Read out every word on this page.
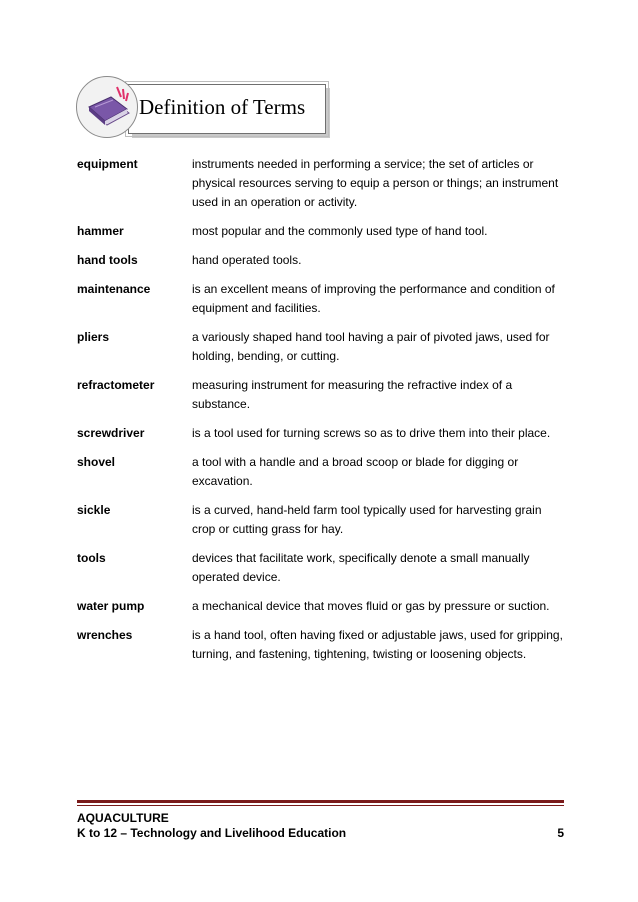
Definition of Terms
equipment	instruments needed in performing a service; the set of articles or physical resources serving to equip a person or things; an instrument used in an operation or activity.
hammer	most popular and the commonly used type of hand tool.
hand tools	hand operated tools.
maintenance	is an excellent means of improving the performance and condition of equipment and facilities.
pliers	a variously shaped hand tool having a pair of pivoted jaws, used for holding, bending, or cutting.
refractometer	measuring instrument for measuring the refractive index of a substance.
screwdriver	is a tool used for turning screws so as to drive them into their place.
shovel	a tool with a handle and a broad scoop or blade for digging or excavation.
sickle	is a curved, hand-held farm tool typically used for harvesting grain crop or cutting grass for hay.
tools	devices that facilitate work, specifically denote a small manually operated device.
water pump	a mechanical device that moves fluid or gas by pressure or suction.
wrenches	is a hand tool, often having fixed or adjustable jaws, used for gripping, turning, and fastening, tightening, twisting or loosening objects.
AQUACULTURE
K to 12 – Technology and Livelihood Education	5
